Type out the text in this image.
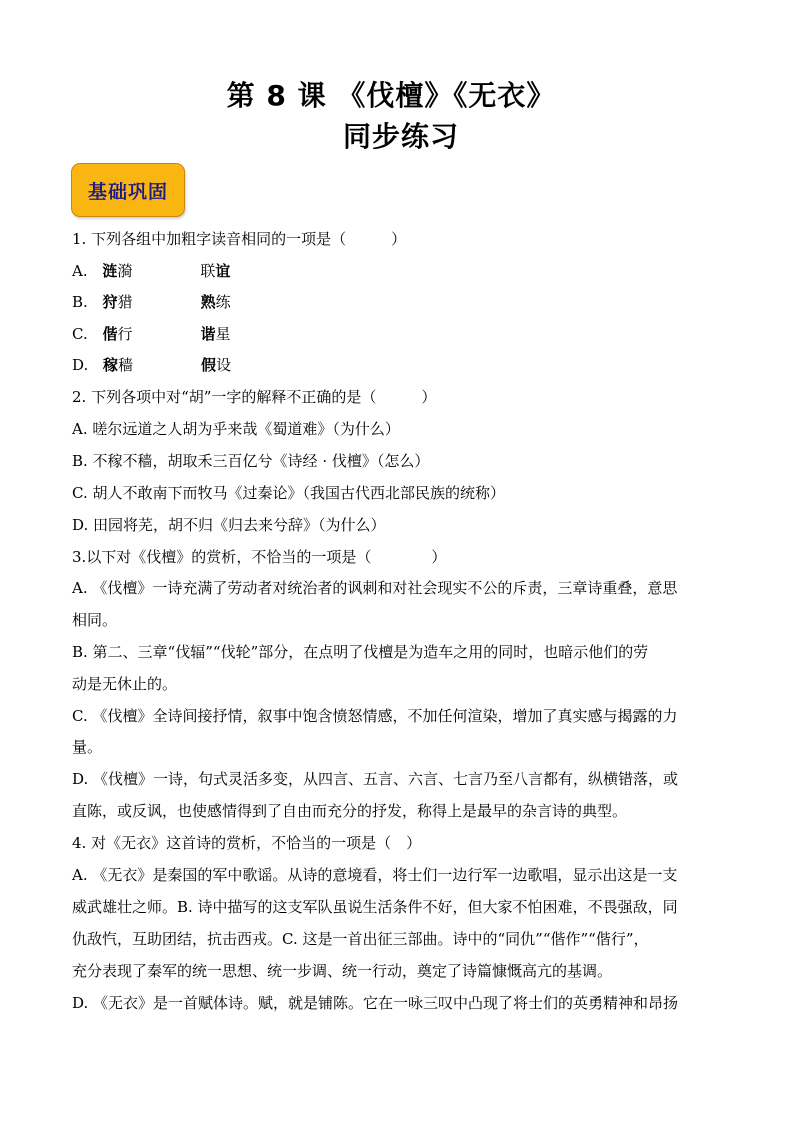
第 8 课 《伐檀》《无衣》
同步练习
基础巩固
1. 下列各组中加粗字读音相同的一项是（　　　）
A. 涟漪	联谊
B. 狩猎	熟练
C. 偕行	谐星
D. 稼穑	假设
2. 下列各项中对“胡”一字的解释不正确的是（　　　）
A. 嗟尔远道之人胡为乎来哉《蜀道难》（为什么）
B. 不稼不穑，胡取禾三百亿兮《诗经 · 伐檀》（怎么）
C. 胡人不敢南下而牧马《过秦论》（我国古代西北部民族的统称）
D. 田园将芜，胡不归《归去来兮辞》（为什么）
3.以下对《伐檀》的赏析，不恰当的一项是（　　　　）
A. 《伐檀》一诗充满了劳动者对统治者的讽刺和对社会现实不公的斥责，三章诗重叠，意思
相同。
B. 第二、三章“伐辐”“伐轮”部分，在点明了伐檀是为造车之用的同时，也暗示他们的劳
动是无休止的。
C. 《伐檀》全诗间接抒情，叙事中饱含愤怒情感，不加任何渲染，增加了真实感与揭露的力
量。
D. 《伐檀》一诗，句式灵活多变，从四言、五言、六言、七言乃至八言都有，纵横错落，或
直陈，或反讽，也使感情得到了自由而充分的抒发，称得上是最早的杂言诗的典型。
4. 对《无衣》这首诗的赏析，不恰当的一项是（　）
A. 《无衣》是秦国的军中歌谣。从诗的意境看，将士们一边行军一边歌唱，显示出这是一支
威武雄壮之师。B. 诗中描写的这支军队虽说生活条件不好，但大家不怕困难，不畏强敌，同
仇敌忾，互助团结，抗击西戎。C. 这是一首出征三部曲。诗中的“同仇”“偕作”“偕行”，
充分表现了秦军的统一思想、统一步调、统一行动，奠定了诗篇慷慨高亢的基调。
D. 《无衣》是一首赋体诗。赋，就是铺陈。它在一咏三叹中凸现了将士们的英勇精神和昂扬
